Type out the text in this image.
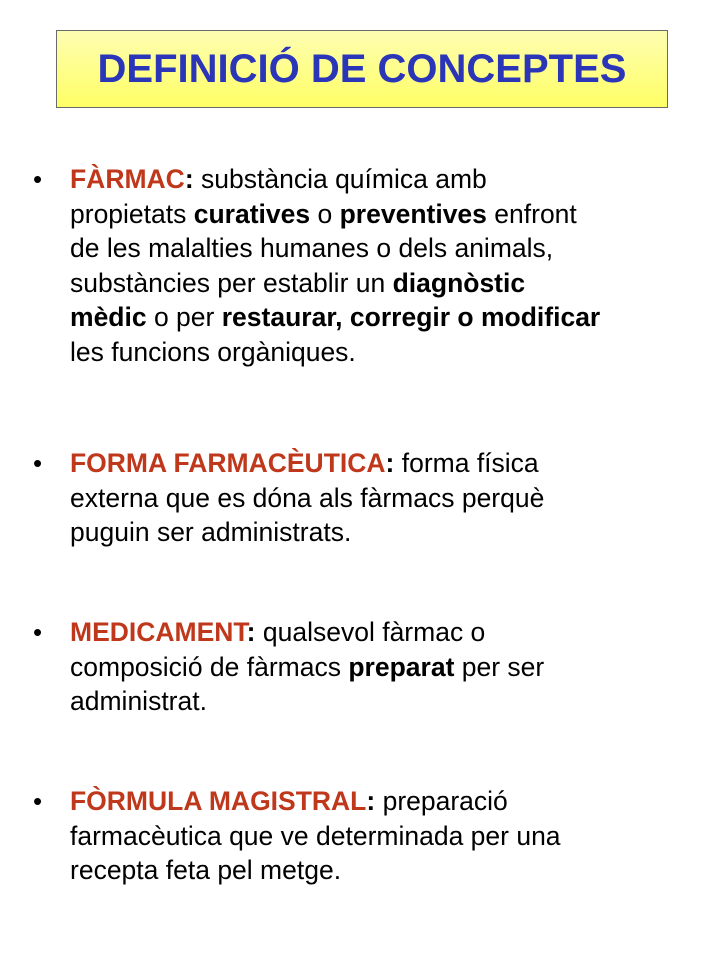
DEFINICIÓ DE CONCEPTES
• FÀRMAC: substància química amb
propietats curatives o preventives enfront
de les malalties humanes o dels animals,
substàncies per establir un diagnòstic
mèdic o per restaurar, corregir o modificar
les funcions orgàniques.
• FORMA FARMACÈUTICA: forma física
externa que es dóna als fàrmacs perquè
puguin ser administrats.
• MEDICAMENT: qualsevol fàrmac o
composició de fàrmacs preparat per ser
administrat.
• FÒRMULA MAGISTRAL: preparació
farmacèutica que ve determinada per una
recepta feta pel metge.
